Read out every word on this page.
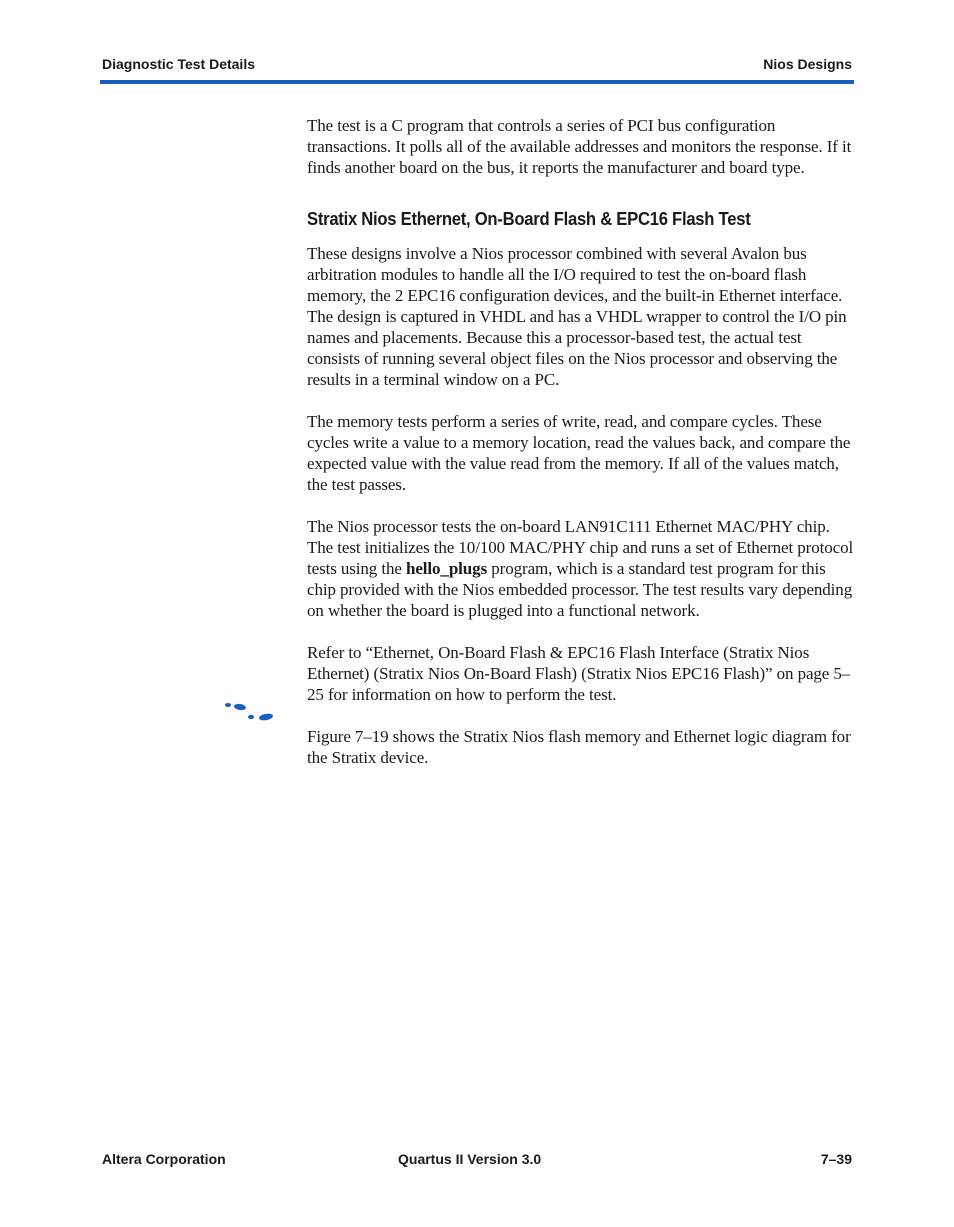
Diagnostic Test Details	Nios Designs

The test is a C program that controls a series of PCI bus configuration transactions. It polls all of the available addresses and monitors the response. If it finds another board on the bus, it reports the manufacturer and board type.

Stratix Nios Ethernet, On-Board Flash & EPC16 Flash Test

These designs involve a Nios processor combined with several Avalon bus arbitration modules to handle all the I/O required to test the on-board flash memory, the 2 EPC16 configuration devices, and the built-in Ethernet interface. The design is captured in VHDL and has a VHDL wrapper to control the I/O pin names and placements. Because this a processor-based test, the actual test consists of running several object files on the Nios processor and observing the results in a terminal window on a PC.

The memory tests perform a series of write, read, and compare cycles. These cycles write a value to a memory location, read the values back, and compare the expected value with the value read from the memory. If all of the values match, the test passes.

The Nios processor tests the on-board LAN91C111 Ethernet MAC/PHY chip. The test initializes the 10/100 MAC/PHY chip and runs a set of Ethernet protocol tests using the hello_plugs program, which is a standard test program for this chip provided with the Nios embedded processor. The test results vary depending on whether the board is plugged into a functional network.

Refer to “Ethernet, On-Board Flash & EPC16 Flash Interface (Stratix Nios Ethernet) (Stratix Nios On-Board Flash) (Stratix Nios EPC16 Flash)” on page 5–25 for information on how to perform the test.

Figure 7–19 shows the Stratix Nios flash memory and Ethernet logic diagram for the Stratix device.

Altera Corporation	Quartus II Version 3.0	7–39
